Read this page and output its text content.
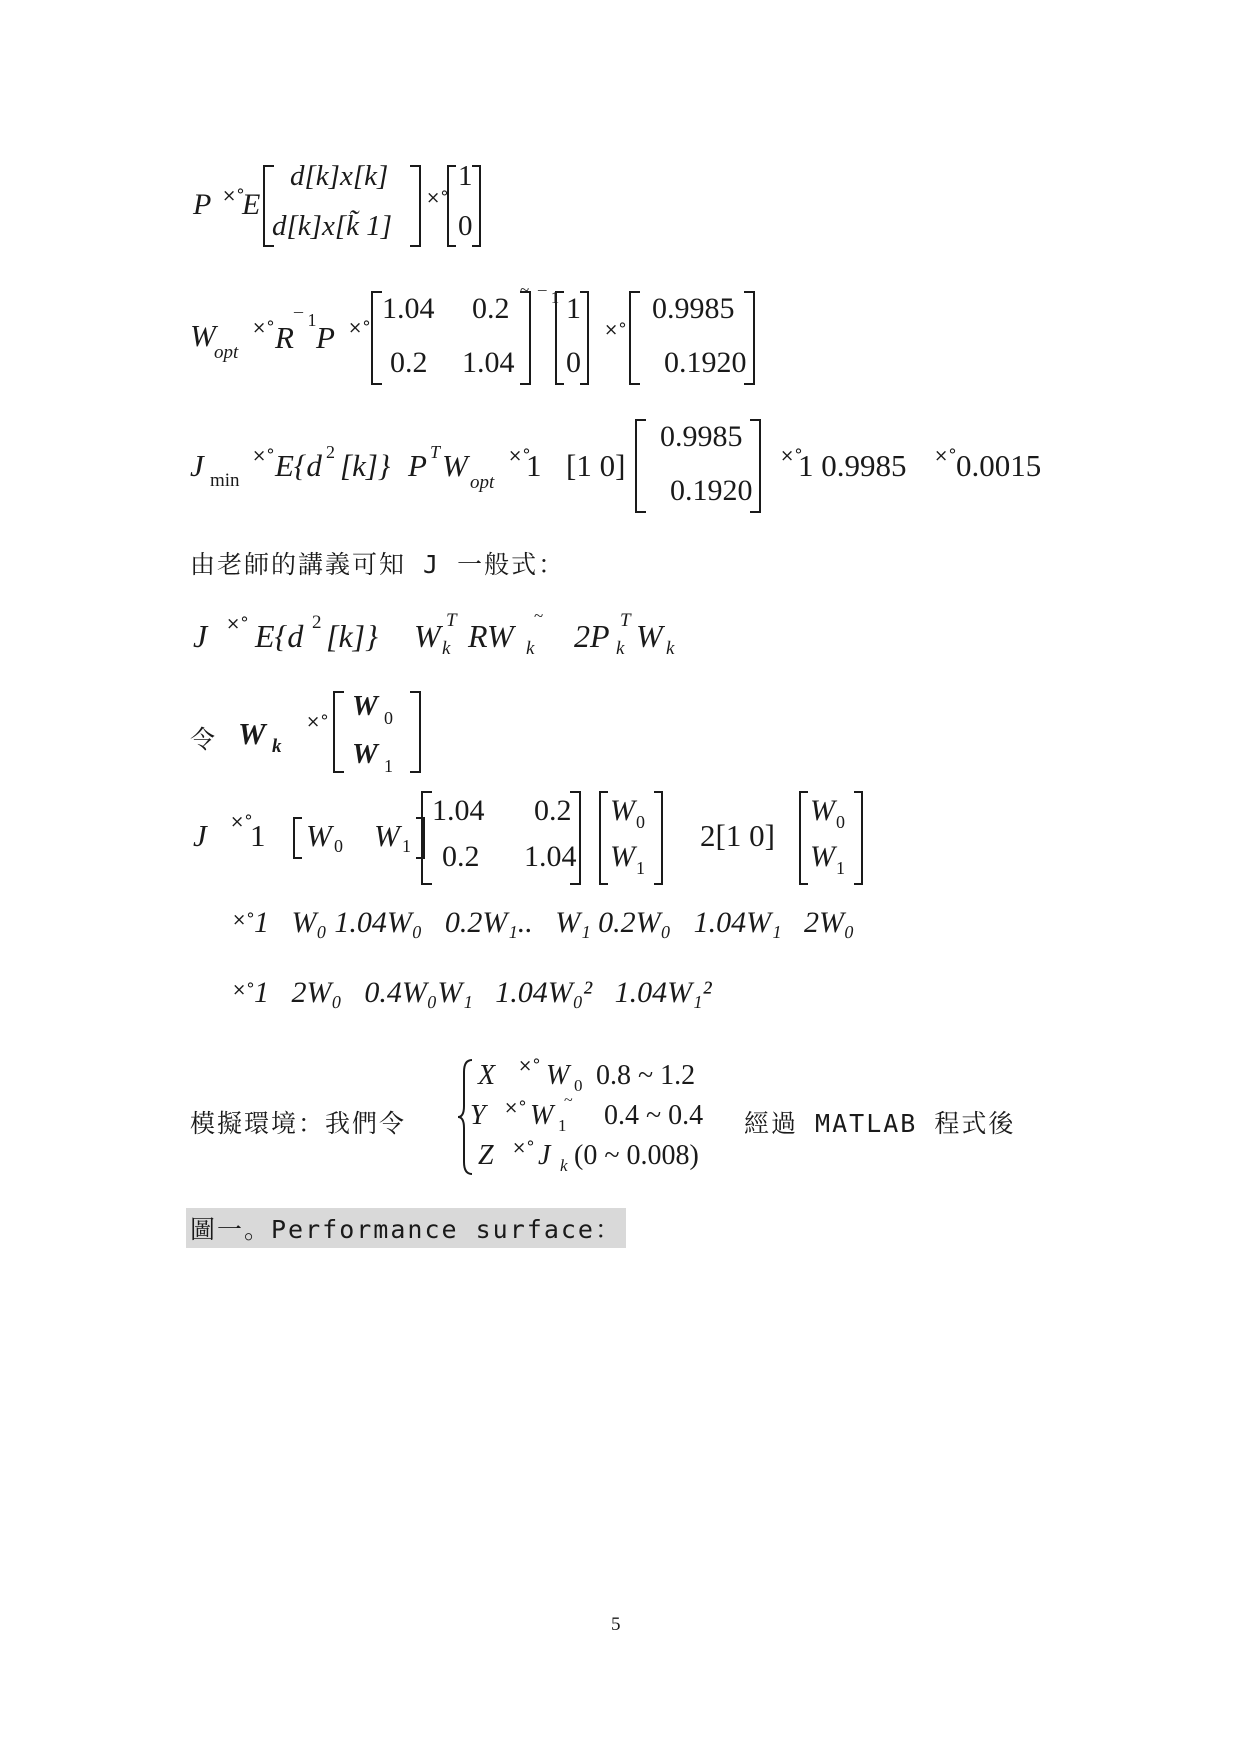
P ×°
E
d[k]x[k]
d[k]x[k̃ 1]
×°
1
0
W
opt
×° R ¯ 1 P ×°
1.04 0.2
0.2 1.04
~ ¯ 1 1
0
×°
0.9985
0.1920
J min
×° E{d 2 [k]} P T W opt
×°
1 [1 0]
0.9985
0.1920
×°
1 0.9985 ×° 0.0015
由老師的講義可知 J 一般式：
J ×° E{d 2 [k]} W T
k RW k
~
2P T
k W k
令 W k
×° W 0
W 1
J ×°
1 W 0 W 1
1.04 0.2
0.2 1.04
W 0
W 1
2[1 0]
W 0
W 1
×° 1   W₀ 1.04W₀   0.2W₁..   W₁ 0.2W₀   1.04W₁   2W₀
×° 1   2W₀   0.4W₀W₁   1.04W₀²   1.04W₁²
模擬環境：我們令
X ×° W 0 0.8 ~ 1.2
Y ×° W 1
~ 0.4 ~ 0.4
Z ×° J k (0 ~ 0.008)
經過 MATLAB 程式後
圖一。Performance surface：
5
